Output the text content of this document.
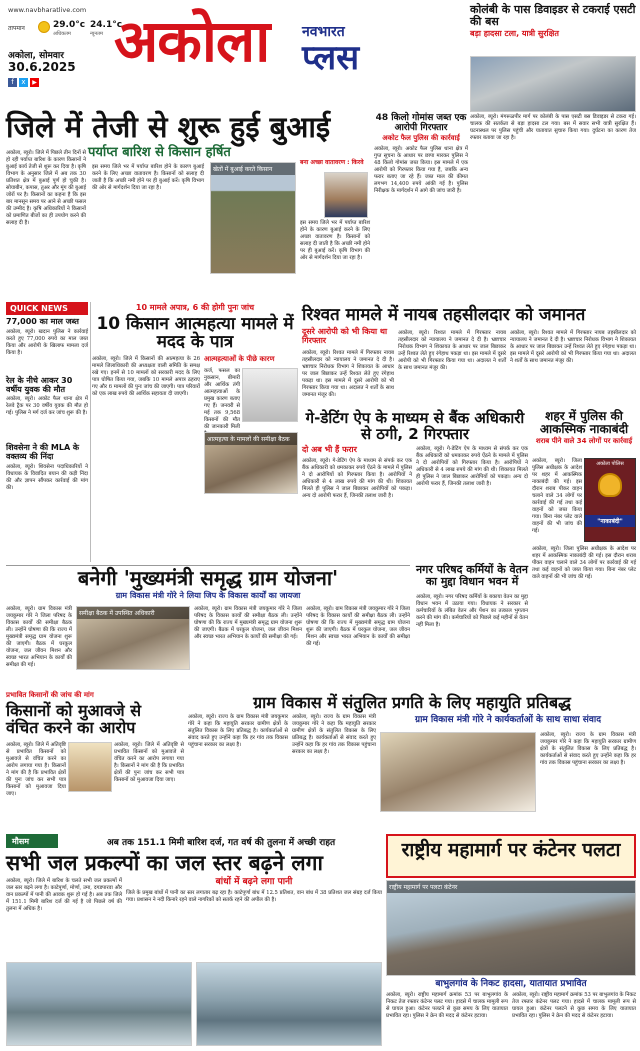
www.navbharatlive.com
तापमान	29.0°c
अधिकतम
24.1°c
न्यूनतम
अकोला, सोमवार
30.6.2025
f	x	▶
अकोला नवभारत
प्लस
कोलंबी के पास डिवाइडर से टकराई एसटी की बस
बड़ा हादसा टला, यात्री सुरक्षित
अकोला, ब्यूरो। मंगरूळपीर मार्ग पर कोलंबी के पास एसटी बस डिवाइडर से टकरा गई। चालक की सतर्कता से बड़ा हादसा टल गया। बस में सवार सभी यात्री सुरक्षित हैं। घटनास्थल पर पुलिस पहुंची और यातायात सुचारु किया गया। दुर्घटना का कारण तेज रफ्तार बताया जा रहा है।
जिले में तेजी से शुरू हुई बुआई
पर्याप्त बारिश से किसान हर्षित
अकोला, ब्यूरो। जिले में पिछले तीन दिनों से हो रही पर्याप्त बारिश के कारण किसानों ने बुआई कार्य तेजी से शुरू कर दिया है। कृषि विभाग के अनुसार जिले में अब तक 30 प्रतिशत क्षेत्र में बुआई पूर्ण हो चुकी है। सोयाबीन, कपास, तुअर और मूंग की बुआई जोरों पर है। किसानों का कहना है कि इस बार मानसून समय पर आने से अच्छी फसल की उम्मीद है। कृषि अधिकारियों ने किसानों को प्रमाणित बीजों का ही उपयोग करने की सलाह दी है।
इस समय जिले भर में पर्याप्त बारिश होने के कारण बुआई करने के लिए अच्छा वातावरण है। किसानों को सलाह दी जाती है कि अच्छी नमी होने पर ही बुआई करें। कृषि विभाग की ओर से मार्गदर्शन दिया जा रहा है।
खेतों में बुआई करते किसान
बना अच्छा वातावरण : किरवे
इस समय जिले भर में पर्याप्त बारिश होने के कारण बुआई करने के लिए अच्छा वातावरण है। किसानों को सलाह दी जाती है कि अच्छी नमी होने पर ही बुआई करें। कृषि विभाग की ओर से मार्गदर्शन दिया जा रहा है।
QUICK NEWS
77,000 का माल जब्त
अकोला, ब्यूरो। खदान पुलिस ने कार्रवाई करते हुए 77,000 रुपये का माल जब्त किया और आरोपी के खिलाफ मामला दर्ज किया है।
रेल के नीचे आकर 30 वर्षीय युवक की मौत
अकोला, ब्यूरो। अकोट फैल थाना क्षेत्र में रेलवे ट्रैक पर 30 वर्षीय युवक की मौत हो गई। पुलिस ने मर्ग दर्ज कर जांच शुरू की है।
शिवसेना ने की MLA के वक्तव्य की निंदा
अकोला, ब्यूरो। शिवसेना पदाधिकारियों ने विधायक के विवादित बयान की कड़ी निंदा की और ज्ञापन सौंपकर कार्रवाई की मांग की।
48 किलो गोमांस जब्त एक आरोपी गिरफ्तार
अकोट फैल पुलिस की कार्रवाई
अकोला, ब्यूरो। अकोट फैल पुलिस थाना क्षेत्र में गुप्त सूचना के आधार पर छापा मारकर पुलिस ने 48 किलो गोमांस जब्त किया। इस मामले में एक आरोपी को गिरफ्तार किया गया है, जबकि अन्य फरार बताए जा रहे हैं। जब्त माल की कीमत लगभग 14,400 रुपये आंकी गई है। पुलिस निरीक्षक के मार्गदर्शन में आगे की जांच जारी है।
10 मामले अपात्र, 6 की होगी पुनः जांच
10 किसान आत्महत्या मामले में मदद के पात्र
अकोला, ब्यूरो। जिले में किसानों की आत्महत्या के 26 मामले जिलाधिकारी की अध्यक्षता वाली समिति के समक्ष रखे गए। इनमें से 10 मामलों को सरकारी मदद के लिए पात्र घोषित किया गया, जबकि 10 मामले अपात्र ठहराए गए और 6 मामलों की पुनः जांच की जाएगी। पात्र परिवारों को एक लाख रुपये की आर्थिक सहायता दी जाएगी।
आत्महत्याओं के पीछे कारण
कर्ज, फसल का नुकसान, बीमारी और आर्थिक तंगी आत्महत्याओं के प्रमुख कारण बताए गए हैं। जनवरी से मई तक 9,568 किसानों की मौत की जानकारी मिली
आत्महत्या के मामलों की समीक्षा बैठक
रिश्वत मामले में नायब तहसीलदार को जमानत
दूसरे आरोपी को भी किया था गिरफ्तार
अकोला, ब्यूरो। रिश्वत मामले में गिरफ्तार नायब तहसीलदार को न्यायालय ने जमानत दे दी है। भ्रष्टाचार निरोधक विभाग ने शिकायत के आधार पर जाल बिछाकर उन्हें रिश्वत लेते हुए रंगेहाथ पकड़ा था। इस मामले में दूसरे आरोपी को भी गिरफ्तार किया गया था। अदालत ने शर्तों के साथ जमानत मंजूर की।
अकोला, ब्यूरो। रिश्वत मामले में गिरफ्तार नायब तहसीलदार को न्यायालय ने जमानत दे दी है। भ्रष्टाचार निरोधक विभाग ने शिकायत के आधार पर जाल बिछाकर उन्हें रिश्वत लेते हुए रंगेहाथ पकड़ा था। इस मामले में दूसरे आरोपी को भी गिरफ्तार किया गया था। अदालत ने शर्तों के साथ जमानत मंजूर की।
अकोला, ब्यूरो। रिश्वत मामले में गिरफ्तार नायब तहसीलदार को न्यायालय ने जमानत दे दी है। भ्रष्टाचार निरोधक विभाग ने शिकायत के आधार पर जाल बिछाकर उन्हें रिश्वत लेते हुए रंगेहाथ पकड़ा था। इस मामले में दूसरे आरोपी को भी गिरफ्तार किया गया था। अदालत ने शर्तों के साथ जमानत मंजूर की।
गे-डेटिंग ऐप के माध्यम से बैंक अधिकारी से ठगी, 2 गिरफ्तार
दो अब भी हैं फरार
अकोला, ब्यूरो। गे-डेटिंग ऐप के माध्यम से संपर्क कर एक बैंक अधिकारी को धमकाकर रुपये ऐंठने के मामले में पुलिस ने दो आरोपियों को गिरफ्तार किया है। आरोपियों ने अधिकारी से 4 लाख रुपये की मांग की थी। शिकायत मिलते ही पुलिस ने जाल बिछाकर आरोपियों को पकड़ा। अन्य दो आरोपी फरार हैं, जिनकी तलाश जारी है।
अकोला, ब्यूरो। गे-डेटिंग ऐप के माध्यम से संपर्क कर एक बैंक अधिकारी को धमकाकर रुपये ऐंठने के मामले में पुलिस ने दो आरोपियों को गिरफ्तार किया है। आरोपियों ने अधिकारी से 4 लाख रुपये की मांग की थी। शिकायत मिलते ही पुलिस ने जाल बिछाकर आरोपियों को पकड़ा। अन्य दो आरोपी फरार हैं, जिनकी तलाश जारी है।
शहर में पुलिस की आकस्मिक नाकाबंदी
शराब पीने वाले 34 लोगों पर कार्रवाई
अकोला पोलिस
"नाकाबंदी"
अकोला, ब्यूरो। जिला पुलिस अधीक्षक के आदेश पर शहर में आकस्मिक नाकाबंदी की गई। इस दौरान शराब पीकर वाहन चलाने वाले 34 लोगों पर कार्रवाई की गई तथा कई वाहनों को जब्त किया गया। बिना नंबर प्लेट वाले वाहनों की भी जांच की गई।
अकोला, ब्यूरो। जिला पुलिस अधीक्षक के आदेश पर शहर में आकस्मिक नाकाबंदी की गई। इस दौरान शराब पीकर वाहन चलाने वाले 34 लोगों पर कार्रवाई की गई तथा कई वाहनों को जब्त किया गया। बिना नंबर प्लेट वाले वाहनों की भी जांच की गई।
नगर परिषद कर्मियों के वेतन का मुद्दा विधान भवन में
अकोला, ब्यूरो। नगर परिषद कर्मियों के बकाया वेतन का मुद्दा विधान भवन में उठाया गया। विधायक ने सरकार से कर्मचारियों के लंबित वेतन और पेंशन का तत्काल भुगतान करने की मांग की। कर्मचारियों को पिछले कई महीनों से वेतन नहीं मिला है।
बनेगी 'मुख्यमंत्री समृद्ध ग्राम योजना'
ग्राम विकास मंत्री गोरे ने लिया जिप के विकास कार्यों का जायजा
अकोला, ब्यूरो। ग्राम विकास मंत्री जयकुमार गोरे ने जिला परिषद के विकास कार्यों की समीक्षा बैठक ली। उन्होंने घोषणा की कि राज्य में मुख्यमंत्री समृद्ध ग्राम योजना शुरू की जाएगी। बैठक में घरकुल योजना, जल जीवन मिशन और स्वच्छ भारत अभियान के कार्यों की समीक्षा की गई।
समीक्षा बैठक में उपस्थित अधिकारी
अकोला, ब्यूरो। ग्राम विकास मंत्री जयकुमार गोरे ने जिला परिषद के विकास कार्यों की समीक्षा बैठक ली। उन्होंने घोषणा की कि राज्य में मुख्यमंत्री समृद्ध ग्राम योजना शुरू की जाएगी। बैठक में घरकुल योजना, जल जीवन मिशन और स्वच्छ भारत अभियान के कार्यों की समीक्षा की गई।
अकोला, ब्यूरो। ग्राम विकास मंत्री जयकुमार गोरे ने जिला परिषद के विकास कार्यों की समीक्षा बैठक ली। उन्होंने घोषणा की कि राज्य में मुख्यमंत्री समृद्ध ग्राम योजना शुरू की जाएगी। बैठक में घरकुल योजना, जल जीवन मिशन और स्वच्छ भारत अभियान के कार्यों की समीक्षा की गई।
प्रभावित किसानों की जांच की मांग
किसानों को मुआवजे से वंचित करने का आरोप
अकोला, ब्यूरो। जिले में अतिवृष्टि से प्रभावित किसानों को मुआवजे से वंचित करने का आरोप लगाया गया है। किसानों ने मांग की है कि प्रभावित क्षेत्रों की पुनः जांच कर सभी पात्र किसानों को मुआवजा दिया जाए।
अकोला, ब्यूरो। जिले में अतिवृष्टि से प्रभावित किसानों को मुआवजे से वंचित करने का आरोप लगाया गया है। किसानों ने मांग की है कि प्रभावित क्षेत्रों की पुनः जांच कर सभी पात्र किसानों को मुआवजा दिया जाए।
ग्राम विकास में संतुलित प्रगति के लिए महायुति प्रतिबद्ध
अकोला, ब्यूरो। राज्य के ग्राम विकास मंत्री जयकुमार गोरे ने कहा कि महायुति सरकार ग्रामीण क्षेत्रों के संतुलित विकास के लिए प्रतिबद्ध है। कार्यकर्ताओं से संवाद करते हुए उन्होंने कहा कि हर गांव तक विकास पहुंचाना सरकार का लक्ष्य है।
अकोला, ब्यूरो। राज्य के ग्राम विकास मंत्री जयकुमार गोरे ने कहा कि महायुति सरकार ग्रामीण क्षेत्रों के संतुलित विकास के लिए प्रतिबद्ध है। कार्यकर्ताओं से संवाद करते हुए उन्होंने कहा कि हर गांव तक विकास पहुंचाना सरकार का लक्ष्य है।
ग्राम विकास मंत्री गोरे ने कार्यकर्ताओं के साथ साधा संवाद
अकोला, ब्यूरो। राज्य के ग्राम विकास मंत्री जयकुमार गोरे ने कहा कि महायुति सरकार ग्रामीण क्षेत्रों के संतुलित विकास के लिए प्रतिबद्ध है। कार्यकर्ताओं से संवाद करते हुए उन्होंने कहा कि हर गांव तक विकास पहुंचाना सरकार का लक्ष्य है।
मौसम	अब तक 151.1 मिमी बारिश दर्ज, गत वर्ष की तुलना में अच्छी राहत
सभी जल प्रकल्पों का जल स्तर बढ़ने लगा
अकोला, ब्यूरो। जिले में बारिश के चलते सभी जल प्रकल्पों में जल स्तर बढ़ने लगा है। काटेपूर्णा, मोर्णा, उमा, दगडपारवा और वान प्रकल्पों में पानी की आवक शुरू हो गई है। अब तक जिले में 151.1 मिमी बारिश दर्ज की गई है जो पिछले वर्ष की तुलना में अधिक है।
बांधों में बढ़ने लगा पानी
जिले के प्रमुख बांधों में पानी का स्तर लगातार बढ़ रहा है। काटेपूर्णा बांध में 12.5 प्रतिशत, वान बांध में 38 प्रतिशत जल संग्रह दर्ज किया गया। प्रशासन ने नदी किनारे रहने वाले नागरिकों को सतर्क रहने की अपील की है।
राष्ट्रीय महामार्ग पर कंटेनर पलटा
राष्ट्रीय महामार्ग पर पलटा कंटेनर
बाभुलगांव के निकट हादसा, यातायात प्रभावित
अकोला, ब्यूरो। राष्ट्रीय महामार्ग क्रमांक 53 पर बाभुलगांव के निकट तेज रफ्तार कंटेनर पलट गया। हादसे में चालक मामूली रूप से घायल हुआ। कंटेनर पलटने से कुछ समय के लिए यातायात प्रभावित रहा। पुलिस ने क्रेन की मदद से कंटेनर हटाया।
अकोला, ब्यूरो। राष्ट्रीय महामार्ग क्रमांक 53 पर बाभुलगांव के निकट तेज रफ्तार कंटेनर पलट गया। हादसे में चालक मामूली रूप से घायल हुआ। कंटेनर पलटने से कुछ समय के लिए यातायात प्रभावित रहा। पुलिस ने क्रेन की मदद से कंटेनर हटाया।
